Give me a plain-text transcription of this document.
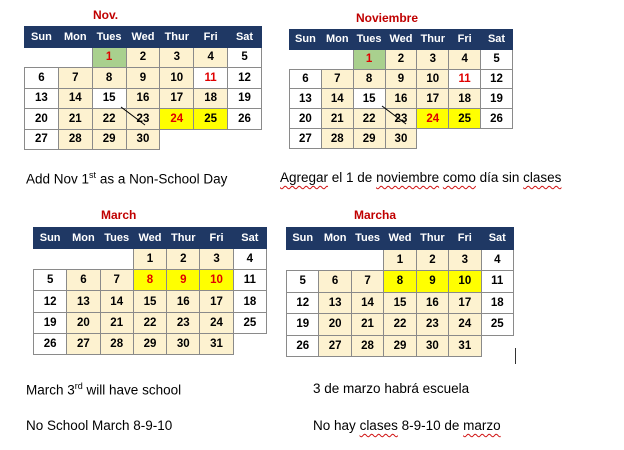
Nov.
Sun	Mon	Tues	Wed	Thur	Fri	Sat
		1	2	3	4	5
6	7	8	9	10	11	12
13	14	15	16	17	18	19
20	21	22	23	24	25	26
27	28	29	30			
Noviembre
Sun	Mon	Tues	Wed	Thur	Fri	Sat
		1	2	3	4	5
6	7	8	9	10	11	12
13	14	15	16	17	18	19
20	21	22	23	24	25	26
27	28	29	30			
Add Nov 1st as a Non-School Day	Agregar el 1 de noviembre como día sin clases
March
Sun	Mon	Tues	Wed	Thur	Fri	Sat
			1	2	3	4
5	6	7	8	9	10	11
12	13	14	15	16	17	18
19	20	21	22	23	24	25
26	27	28	29	30	31	
Marcha
Sun	Mon	Tues	Wed	Thur	Fri	Sat
			1	2	3	4
5	6	7	8	9	10	11
12	13	14	15	16	17	18
19	20	21	22	23	24	25
26	27	28	29	30	31	
March 3rd will have school	3 de marzo habrá escuela
No School March 8-9-10	No hay clases 8-9-10 de marzo
